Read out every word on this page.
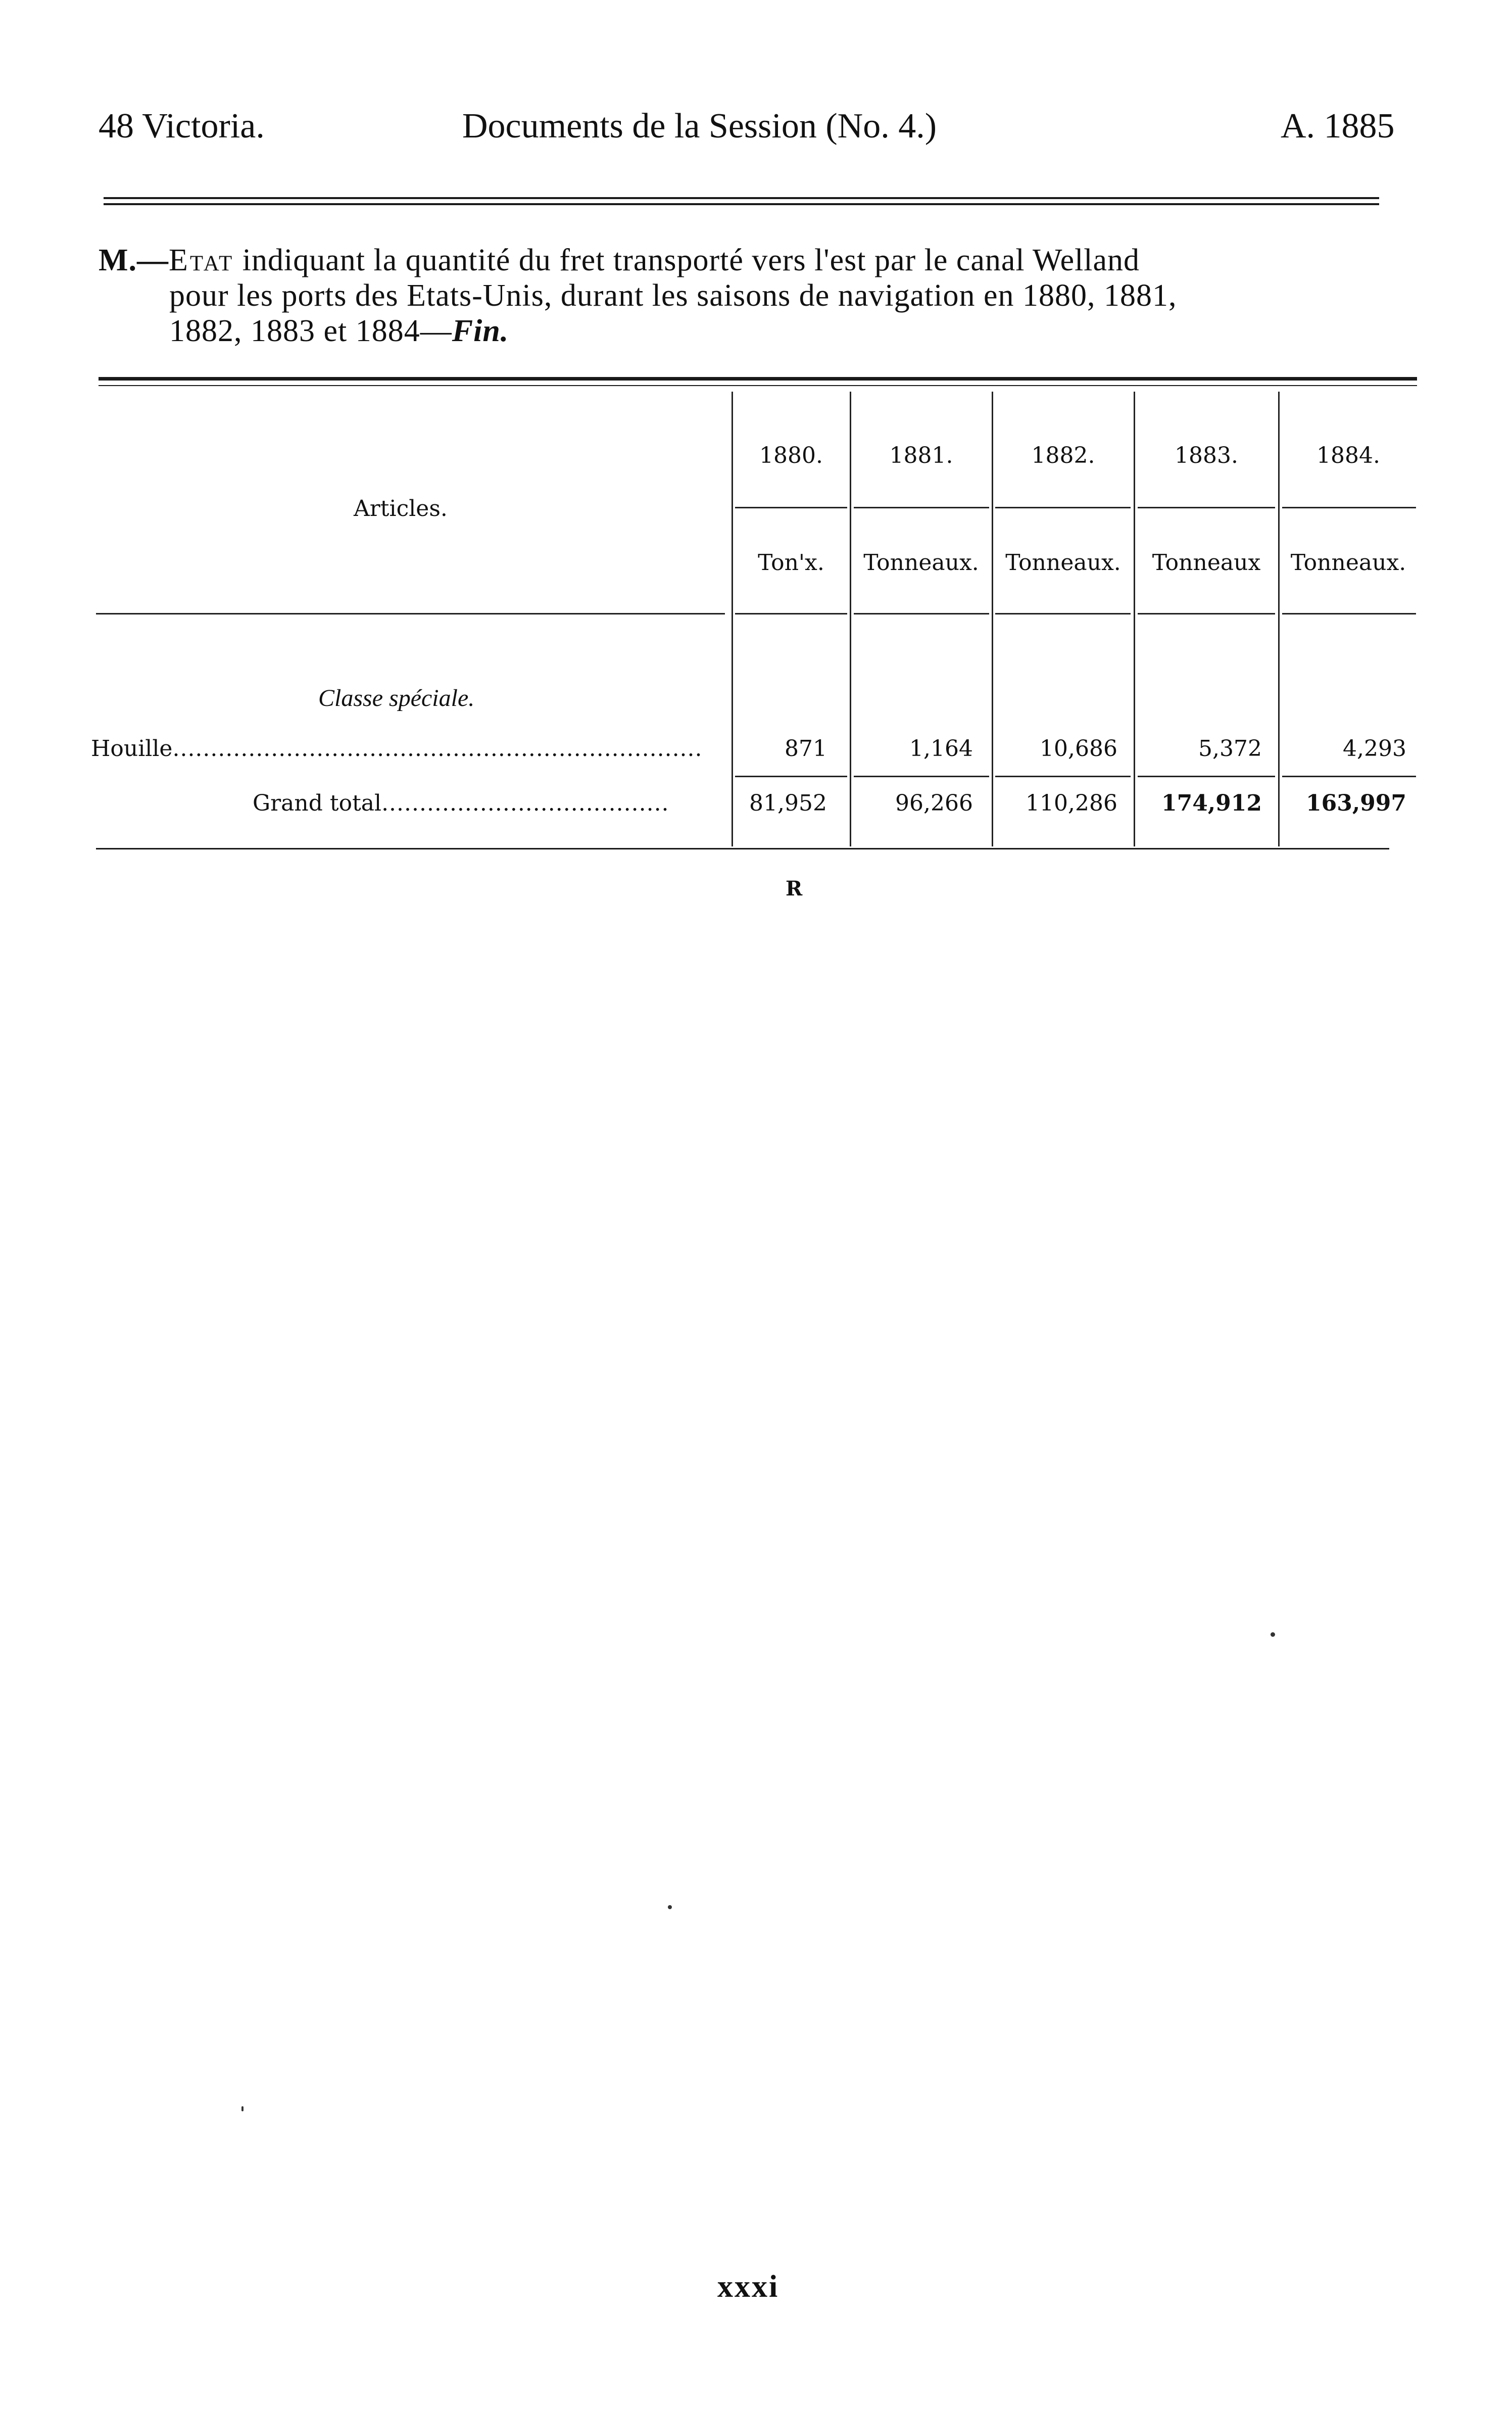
48 Victoria.	Documents de la Session (No. 4.)	A. 1885
M.—Etat indiquant la quantité du fret transporté vers l'est par le canal Welland
pour les ports des Etats-Unis, durant les saisons de navigation en 1880, 1881,
1882, 1883 et 1884—Fin.
Articles.
1880.	1881.	1882.	1883.	1884.
Ton'x.	Tonneaux.	Tonneaux.	Tonneaux	Tonneaux.
Classe spéciale.
Houille......................................................................	871	1,164	10,686	5,372	4,293
Grand total......................................	81,952	96,266	110,286	174,912	163,997
R
xxxi
